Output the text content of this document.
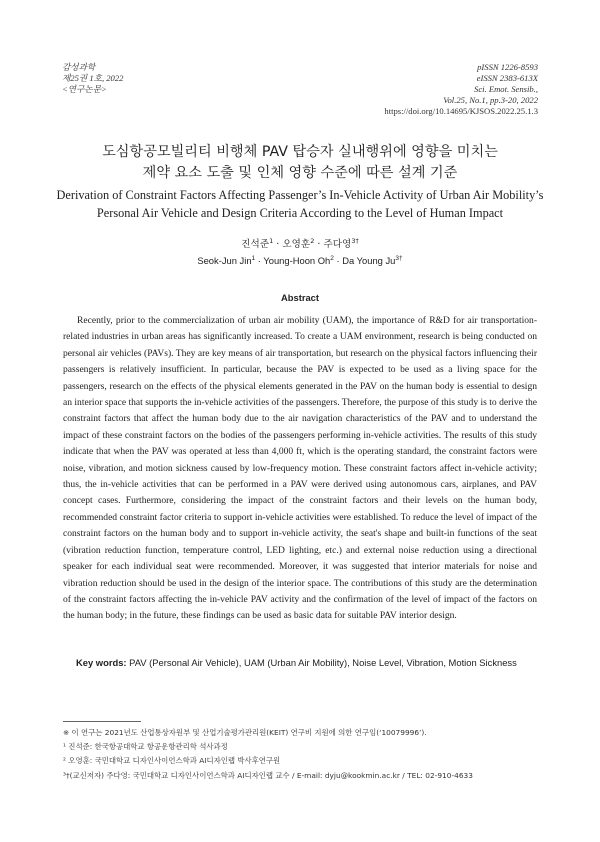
감성과학
제25권 1호, 2022
<연구논문>
pISSN 1226-8593
eISSN 2383-613X
Sci. Emot. Sensib.,
Vol.25, No.1, pp.3-20, 2022
https://doi.org/10.14695/KJSOS.2022.25.1.3
도심항공모빌리티 비행체 PAV 탑승자 실내행위에 영향을 미치는
제약 요소 도출 및 인체 영향 수준에 따른 설계 기준
Derivation of Constraint Factors Affecting Passenger’s In-Vehicle Activity of Urban Air Mobility’s
Personal Air Vehicle and Design Criteria According to the Level of Human Impact
진석준$^1$ · 오영훈$^2$ · 주다영$^{3\dagger}$
Seok-Jun Jin$^1$ · Young-Hoon $Oh^2 \cdot Da$ Young $Ju^{3\dagger}$
Abstract

Recently, prior to the commercialization of urban air mobility (UAM), the importance of R&D for air transportation-related industries in urban areas has significantly increased. To create a UAM environment, research is being conducted on personal air vehicles (PAVs). They are key means of air transportation, but research on the physical factors influencing their passengers is relatively insufficient. In particular, because the PAV is expected to be used as a living space for the passengers, research on the effects of the physical elements generated in the PAV on the human body is essential to design an interior space that supports the in-vehicle activities of the passengers. Therefore, the purpose of this study is to derive the constraint factors that affect the human body due to the air navigation characteristics of the PAV and to understand the impact of these constraint factors on the bodies of the passengers performing in-vehicle activities. The results of this study indicate that when the PAV was operated at less than 4,000 ft, which is the operating standard, the constraint factors were noise, vibration, and motion sickness caused by low-frequency motion. These constraint factors affect in-vehicle activity; thus, the in-vehicle activities that can be performed in a PAV were derived using autonomous cars, airplanes, and PAV concept cases. Furthermore, considering the impact of the constraint factors and their levels on the human body, recommended constraint factor criteria to support in-vehicle activities were established. To reduce the level of impact of the constraint factors on the human body and to support in-vehicle activity, the seat's shape and built-in functions of the seat (vibration reduction function, temperature control, LED lighting, etc.) and external noise reduction using a directional speaker for each individual seat were recommended. Moreover, it was suggested that interior materials for noise and vibration reduction should be used in the design of the interior space. The contributions of this study are the determination of the constraint factors affecting the in-vehicle PAV activity and the confirmation of the level of impact of the factors on the human body; in the future, these findings can be used as basic data for suitable PAV interior design.

Key words: PAV (Personal Air Vehicle), UAM (Urban Air Mobility), Noise Level, Vibration, Motion Sickness
※ 이 연구는 2021년도 산업통상자원부 및 산업기술평가관리원(KEIT) 연구비 지원에 의한 연구임(‘10079996’).
¹ 진석준: 한국항공대학교 항공운항관리학 석사과정
² 오영훈: 국민대학교 디자인사이언스학과 AI디자인랩 박사후연구원
³†(교신저자) 주다영: 국민대학교 디자인사이언스학과 AI디자인랩 교수 / E-mail: dyju@kookmin.ac.kr / TEL: 02-910-4633
